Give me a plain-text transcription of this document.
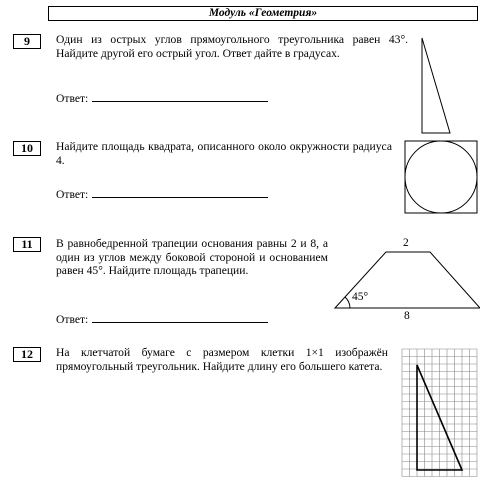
Модуль «Геометрия»
9	Один из острых углов прямоугольного треугольника равен 43°. Найдите другой его острый угол. Ответ дайте в градусах.
Ответ:
10	Найдите площадь квадрата, описанного около окружности радиуса 4.
Ответ:
11	В равнобедренной трапеции основания равны 2 и 8, а один из углов между боковой стороной и основанием равен 45°. Найдите площадь трапеции.
Ответ:
2
8
45°
12	На клетчатой бумаге с размером клетки 1×1 изображён прямоугольный треугольник. Найдите длину его большего катета.
